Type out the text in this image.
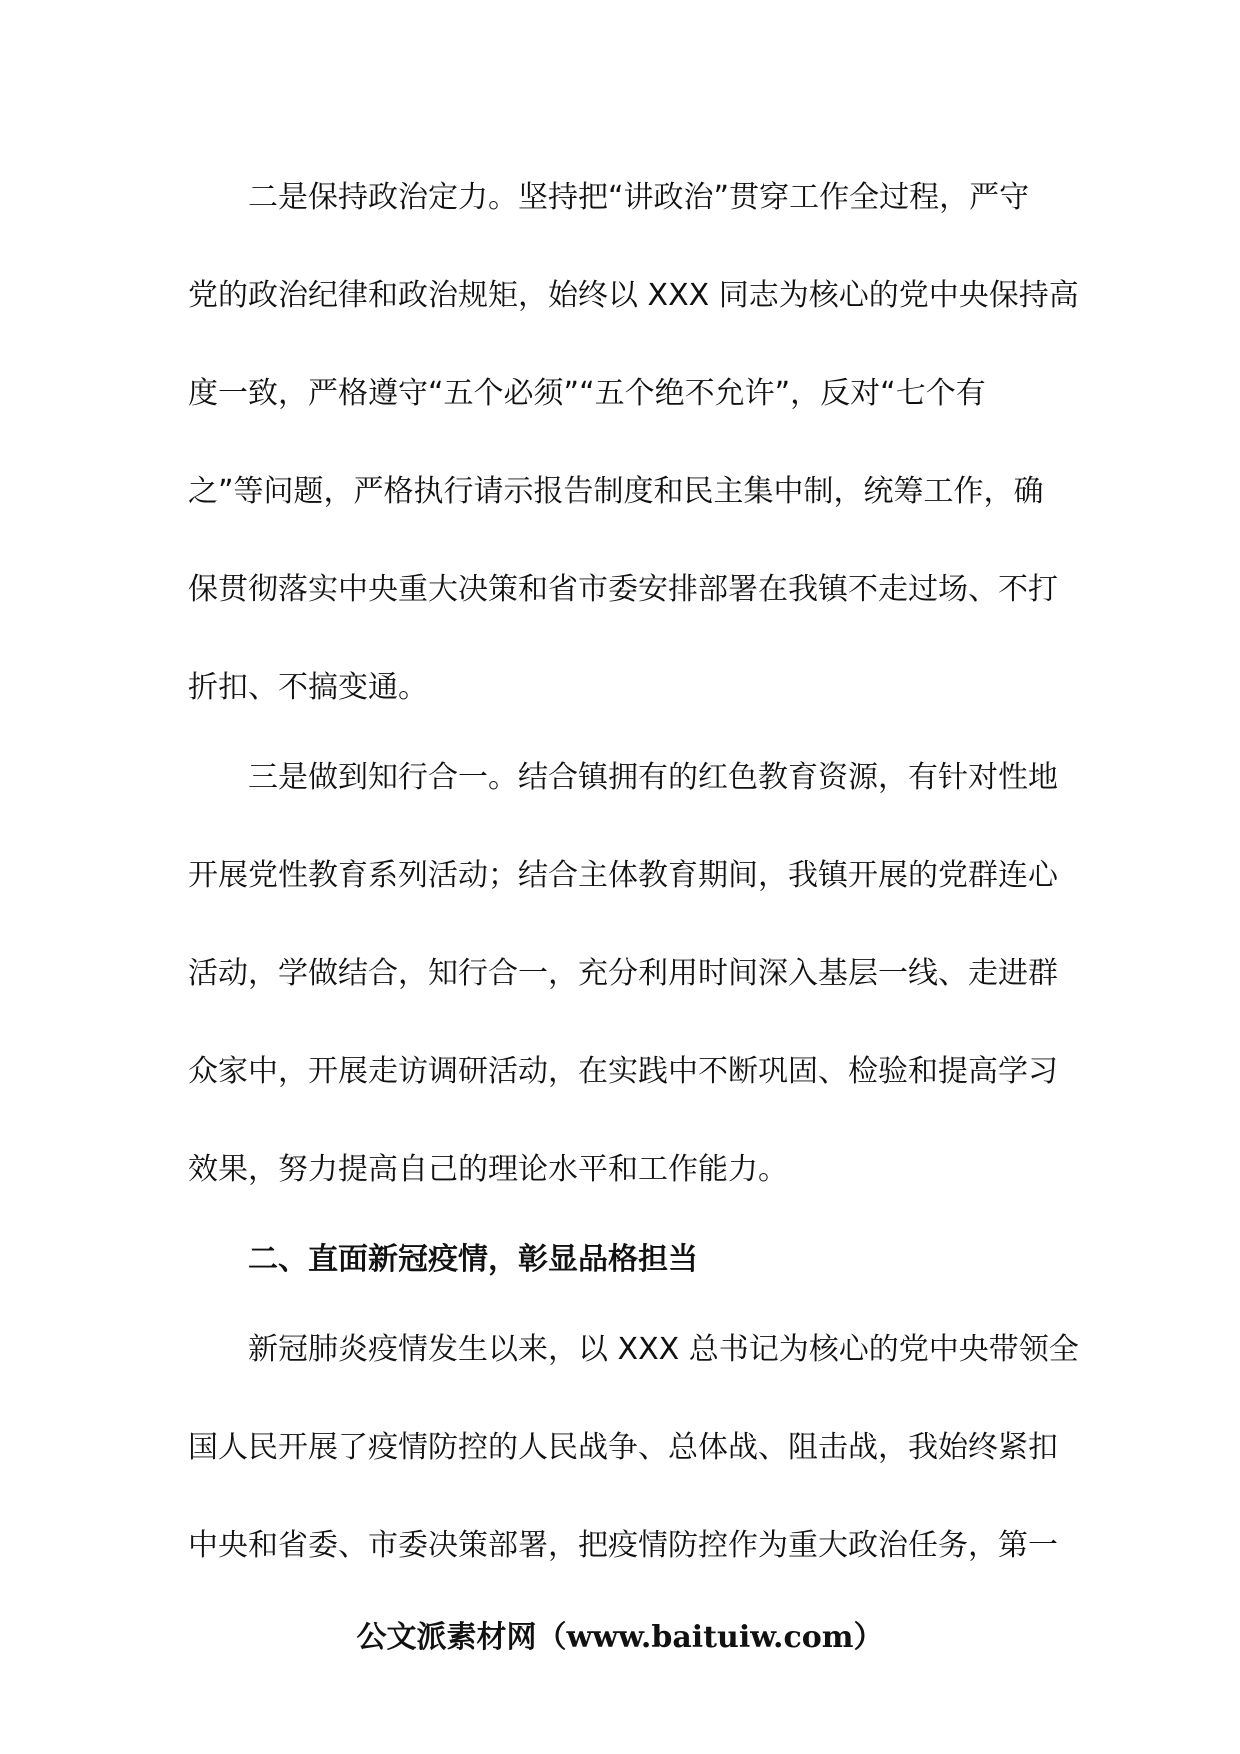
二是保持政治定力。坚持把“讲政治”贯穿工作全过程，严守
党的政治纪律和政治规矩，始终以 XXX 同志为核心的党中央保持高
度一致，严格遵守“五个必须”“五个绝不允许”，反对“七个有
之”等问题，严格执行请示报告制度和民主集中制，统筹工作，确
保贯彻落实中央重大决策和省市委安排部署在我镇不走过场、不打
折扣、不搞变通。
三是做到知行合一。结合镇拥有的红色教育资源，有针对性地
开展党性教育系列活动；结合主体教育期间，我镇开展的党群连心
活动，学做结合，知行合一，充分利用时间深入基层一线、走进群
众家中，开展走访调研活动，在实践中不断巩固、检验和提高学习
效果，努力提高自己的理论水平和工作能力。
二、直面新冠疫情，彰显品格担当
新冠肺炎疫情发生以来，以 XXX 总书记为核心的党中央带领全
国人民开展了疫情防控的人民战争、总体战、阻击战，我始终紧扣
中央和省委、市委决策部署，把疫情防控作为重大政治任务，第一
公文派素材网（www.baituiw.com）
